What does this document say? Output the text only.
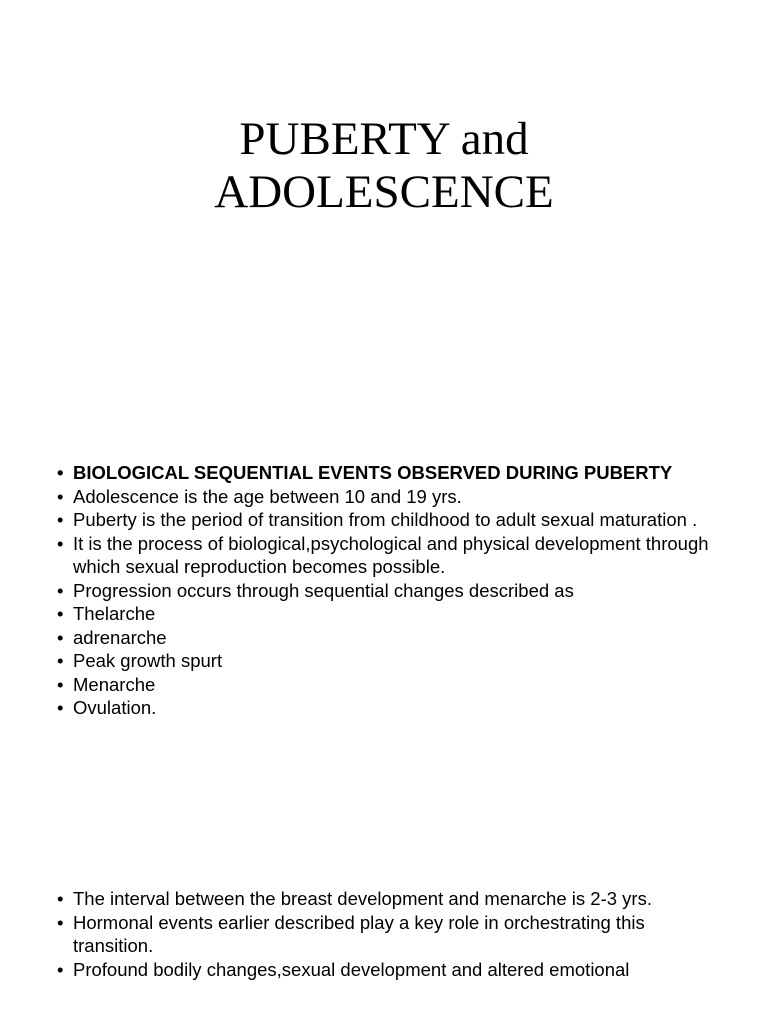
PUBERTY and
ADOLESCENCE
• BIOLOGICAL SEQUENTIAL EVENTS OBSERVED DURING PUBERTY
• Adolescence is the age between 10 and 19 yrs.
• Puberty is the period of transition from childhood to adult sexual maturation .
• It is the process of biological,psychological and physical development through which sexual reproduction becomes possible.
• Progression occurs through sequential changes described as
• Thelarche
• adrenarche
• Peak growth spurt
• Menarche
• Ovulation.
• The interval between the breast development and menarche is 2-3 yrs.
• Hormonal events earlier described play a key role in orchestrating this transition.
• Profound bodily changes,sexual development and altered emotional
